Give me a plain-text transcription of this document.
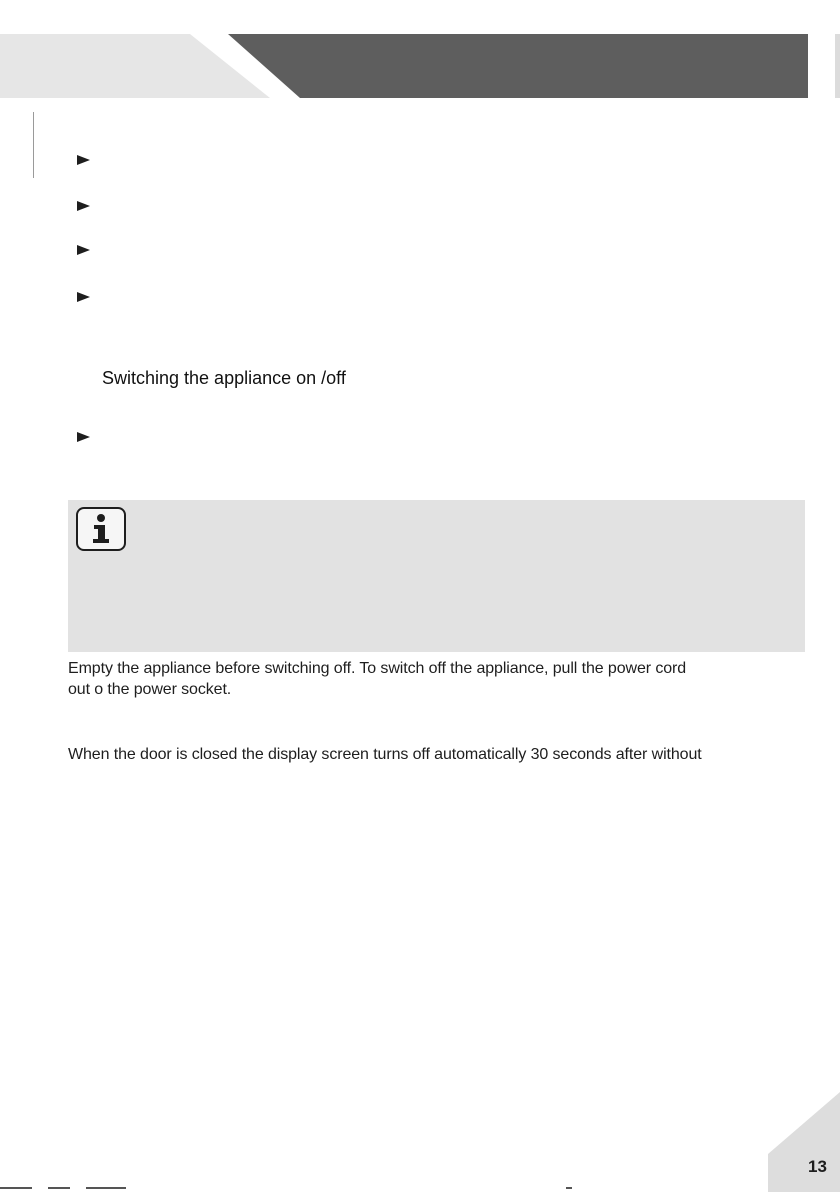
Switching the appliance on /off
Empty the appliance before switching off. To switch off the appliance, pull the power cord
out o the power socket.
When the door is closed the display screen turns off automatically 30 seconds after without
13
